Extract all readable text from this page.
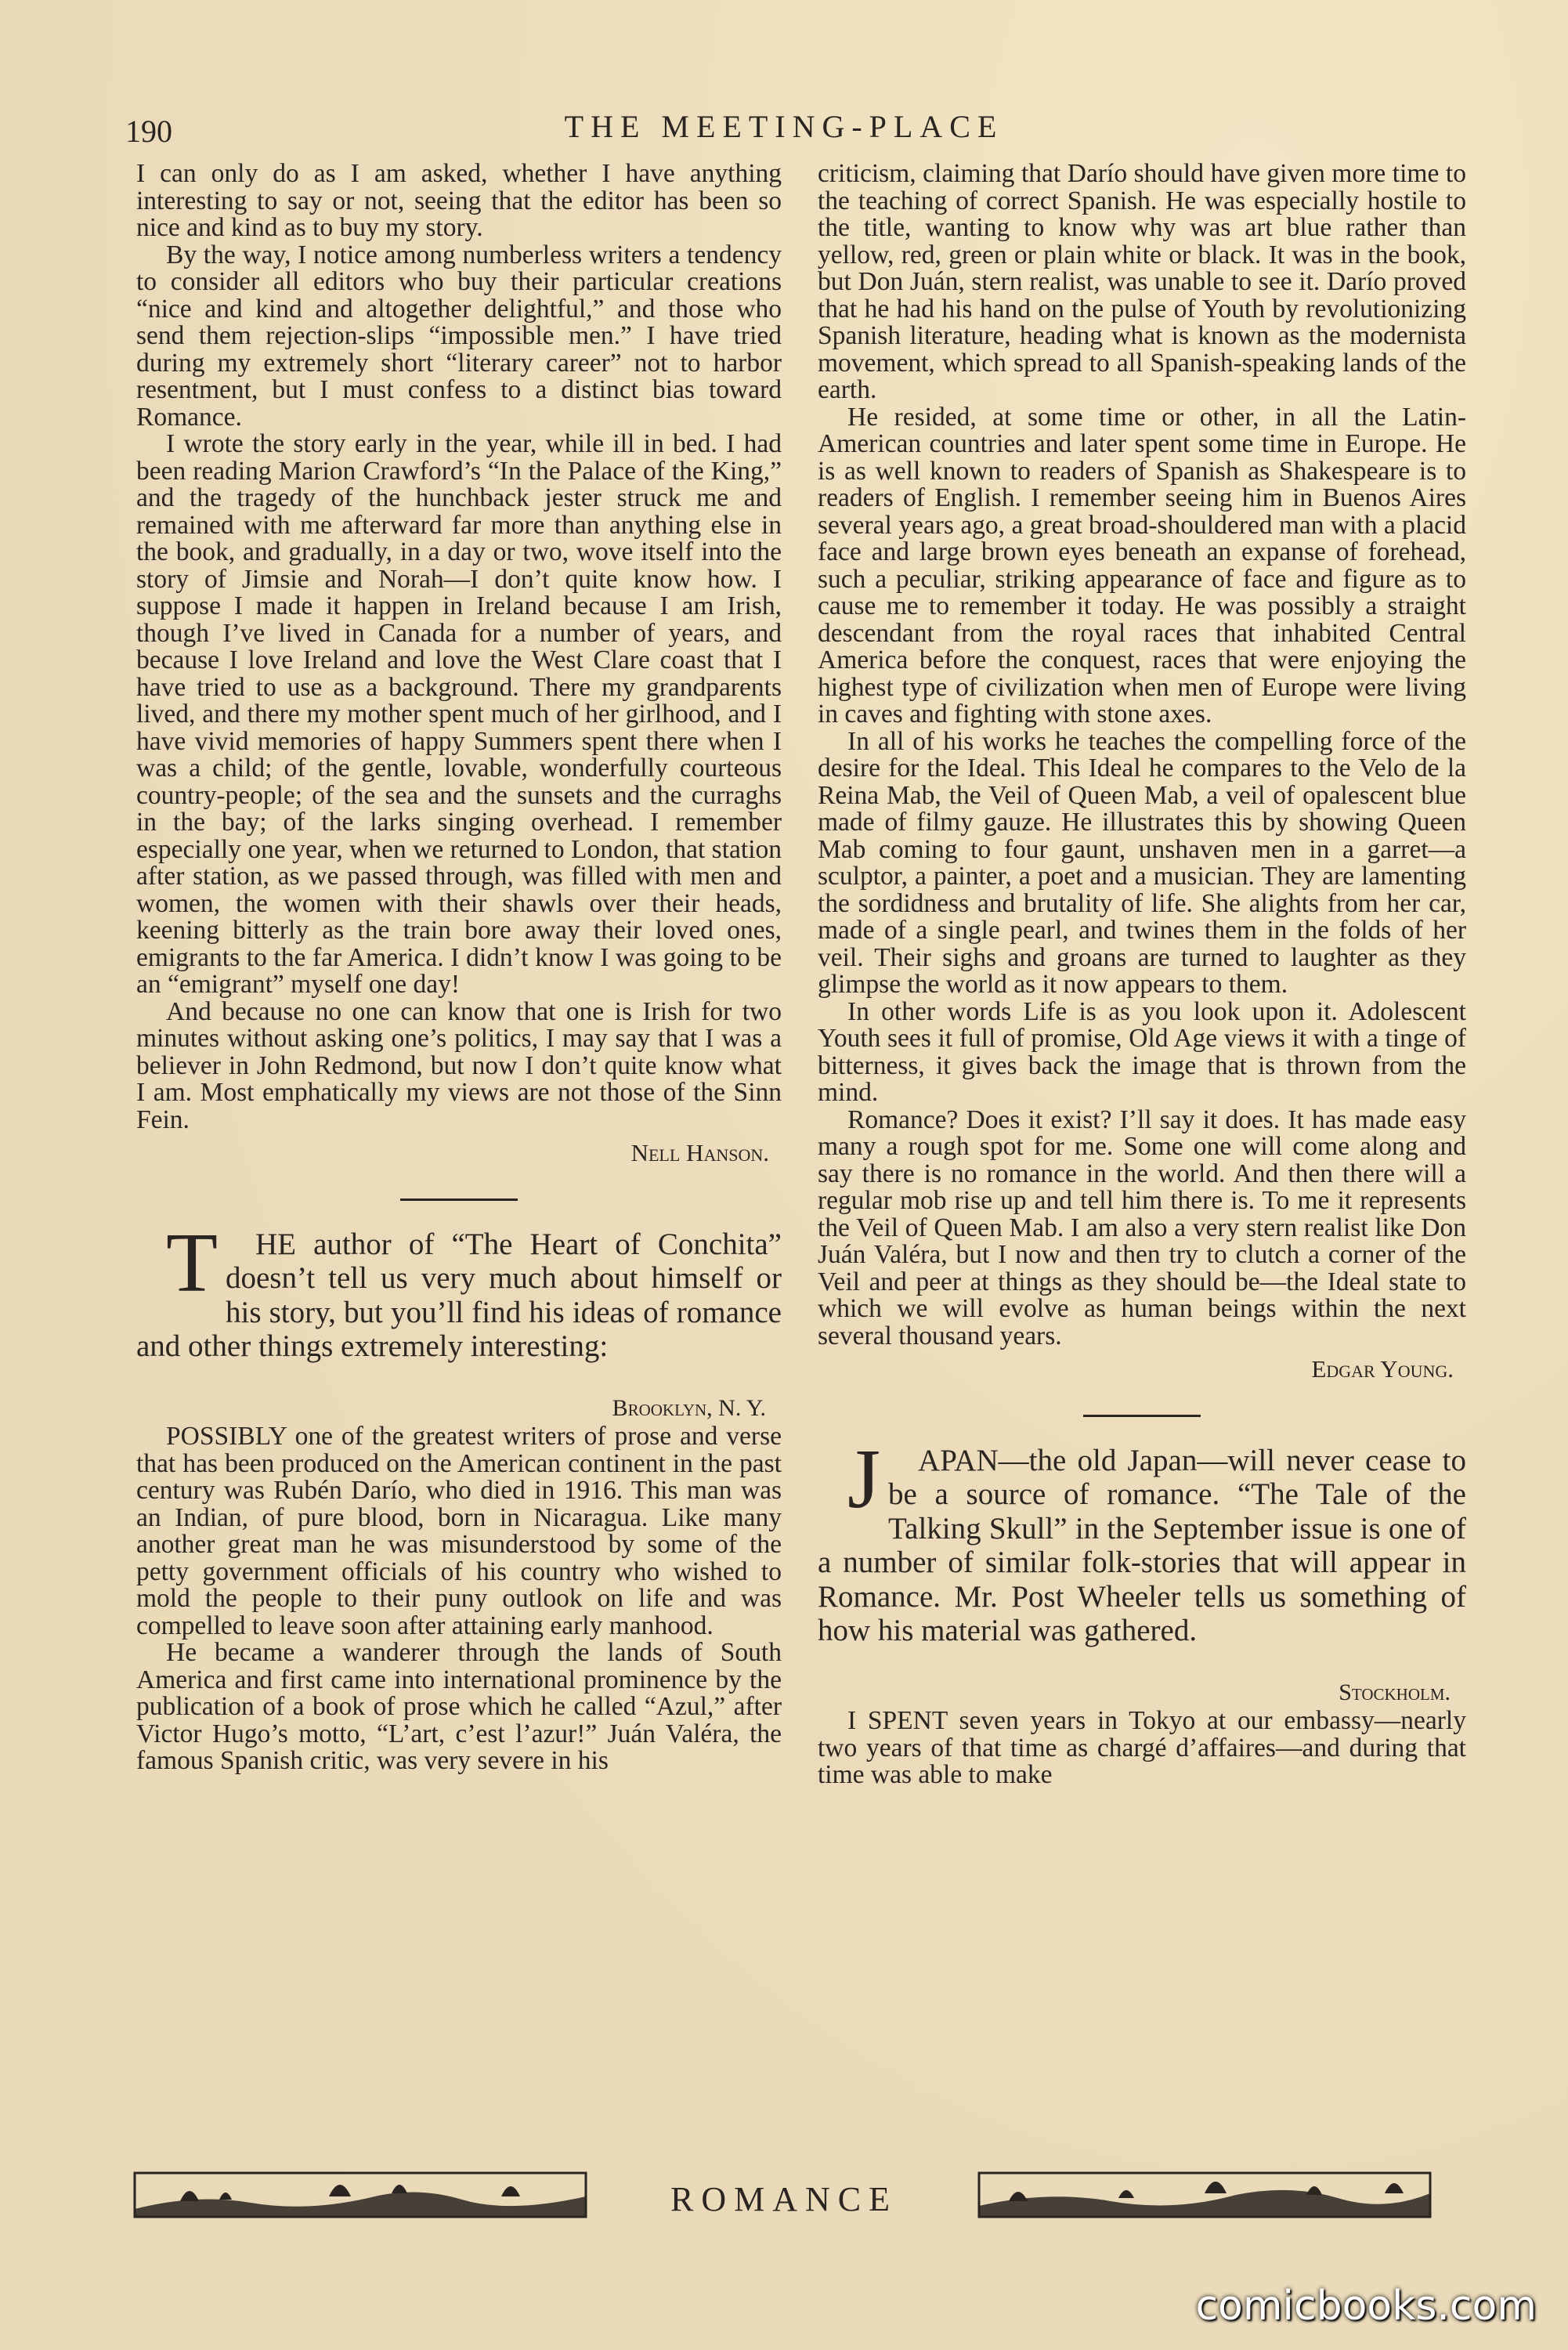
190	THE MEETING-PLACE

I can only do as I am asked, whether I have anything interesting to say or not, seeing that the editor has been so nice and kind as to buy my story.

By the way, I notice among numberless writers a tendency to consider all editors who buy their particular creations “nice and kind and altogether delightful,” and those who send them rejection-slips “impossible men.” I have tried during my extremely short “literary career” not to harbor resentment, but I must confess to a distinct bias toward Romance.

I wrote the story early in the year, while ill in bed. I had been reading Marion Crawford’s “In the Palace of the King,” and the tragedy of the hunchback jester struck me and remained with me afterward far more than anything else in the book, and gradually, in a day or two, wove itself into the story of Jimsie and Norah—I don’t quite know how. I suppose I made it happen in Ireland because I am Irish, though I’ve lived in Canada for a number of years, and because I love Ireland and love the West Clare coast that I have tried to use as a background. There my grandparents lived, and there my mother spent much of her girlhood, and I have vivid memories of happy Summers spent there when I was a child; of the gentle, lovable, wonderfully courteous country-people; of the sea and the sunsets and the curraghs in the bay; of the larks singing overhead. I remember especially one year, when we returned to London, that station after station, as we passed through, was filled with men and women, the women with their shawls over their heads, keening bitterly as the train bore away their loved ones, emigrants to the far America. I didn’t know I was going to be an “emigrant” myself one day!

And because no one can know that one is Irish for two minutes without asking one’s politics, I may say that I was a believer in John Redmond, but now I don’t quite know what I am. Most emphatically my views are not those of the Sinn Fein.

Nell Hanson.

T HE author of “The Heart of Conchita” doesn’t tell us very much about himself or his story, but you’ll find his ideas of romance and other things extremely interesting:

Brooklyn, N. Y.

POSSIBLY one of the greatest writers of prose and verse that has been produced on the American continent in the past century was Rubén Darío, who died in 1916. This man was an Indian, of pure blood, born in Nicaragua. Like many another great man he was misunderstood by some of the petty government officials of his country who wished to mold the people to their puny outlook on life and was compelled to leave soon after attaining early manhood.

He became a wanderer through the lands of South America and first came into international prominence by the publication of a book of prose which he called “Azul,” after Victor Hugo’s motto, “L’art, c’est l’azur!” Juán Valéra, the famous Spanish critic, was very severe in his

criticism, claiming that Darío should have given more time to the teaching of correct Spanish. He was especially hostile to the title, wanting to know why was art blue rather than yellow, red, green or plain white or black. It was in the book, but Don Juán, stern realist, was unable to see it. Darío proved that he had his hand on the pulse of Youth by revolutionizing Spanish literature, heading what is known as the modernista movement, which spread to all Spanish-speaking lands of the earth.

He resided, at some time or other, in all the Latin-American countries and later spent some time in Europe. He is as well known to readers of Spanish as Shakespeare is to readers of English. I remember seeing him in Buenos Aires several years ago, a great broad-shouldered man with a placid face and large brown eyes beneath an expanse of forehead, such a peculiar, striking appearance of face and figure as to cause me to remember it today. He was possibly a straight descendant from the royal races that inhabited Central America before the conquest, races that were enjoying the highest type of civilization when men of Europe were living in caves and fighting with stone axes.

In all of his works he teaches the compelling force of the desire for the Ideal. This Ideal he compares to the Velo de la Reina Mab, the Veil of Queen Mab, a veil of opalescent blue made of filmy gauze. He illustrates this by showing Queen Mab coming to four gaunt, unshaven men in a garret—a sculptor, a painter, a poet and a musician. They are lamenting the sordidness and brutality of life. She alights from her car, made of a single pearl, and twines them in the folds of her veil. Their sighs and groans are turned to laughter as they glimpse the world as it now appears to them.

In other words Life is as you look upon it. Adolescent Youth sees it full of promise, Old Age views it with a tinge of bitterness, it gives back the image that is thrown from the mind.

Romance? Does it exist? I’ll say it does. It has made easy many a rough spot for me. Some one will come along and say there is no romance in the world. And then there will a regular mob rise up and tell him there is. To me it represents the Veil of Queen Mab. I am also a very stern realist like Don Juán Valéra, but I now and then try to clutch a corner of the Veil and peer at things as they should be—the Ideal state to which we will evolve as human beings within the next several thousand years.

Edgar Young.

J APAN—the old Japan—will never cease to be a source of romance. “The Tale of the Talking Skull” in the September issue is one of a number of similar folk-stories that will appear in Romance. Mr. Post Wheeler tells us something of how his material was gathered.

Stockholm.

I SPENT seven years in Tokyo at our embassy—nearly two years of that time as chargé d’affaires—and during that time was able to make

ROMANCE
comicbooks.com
